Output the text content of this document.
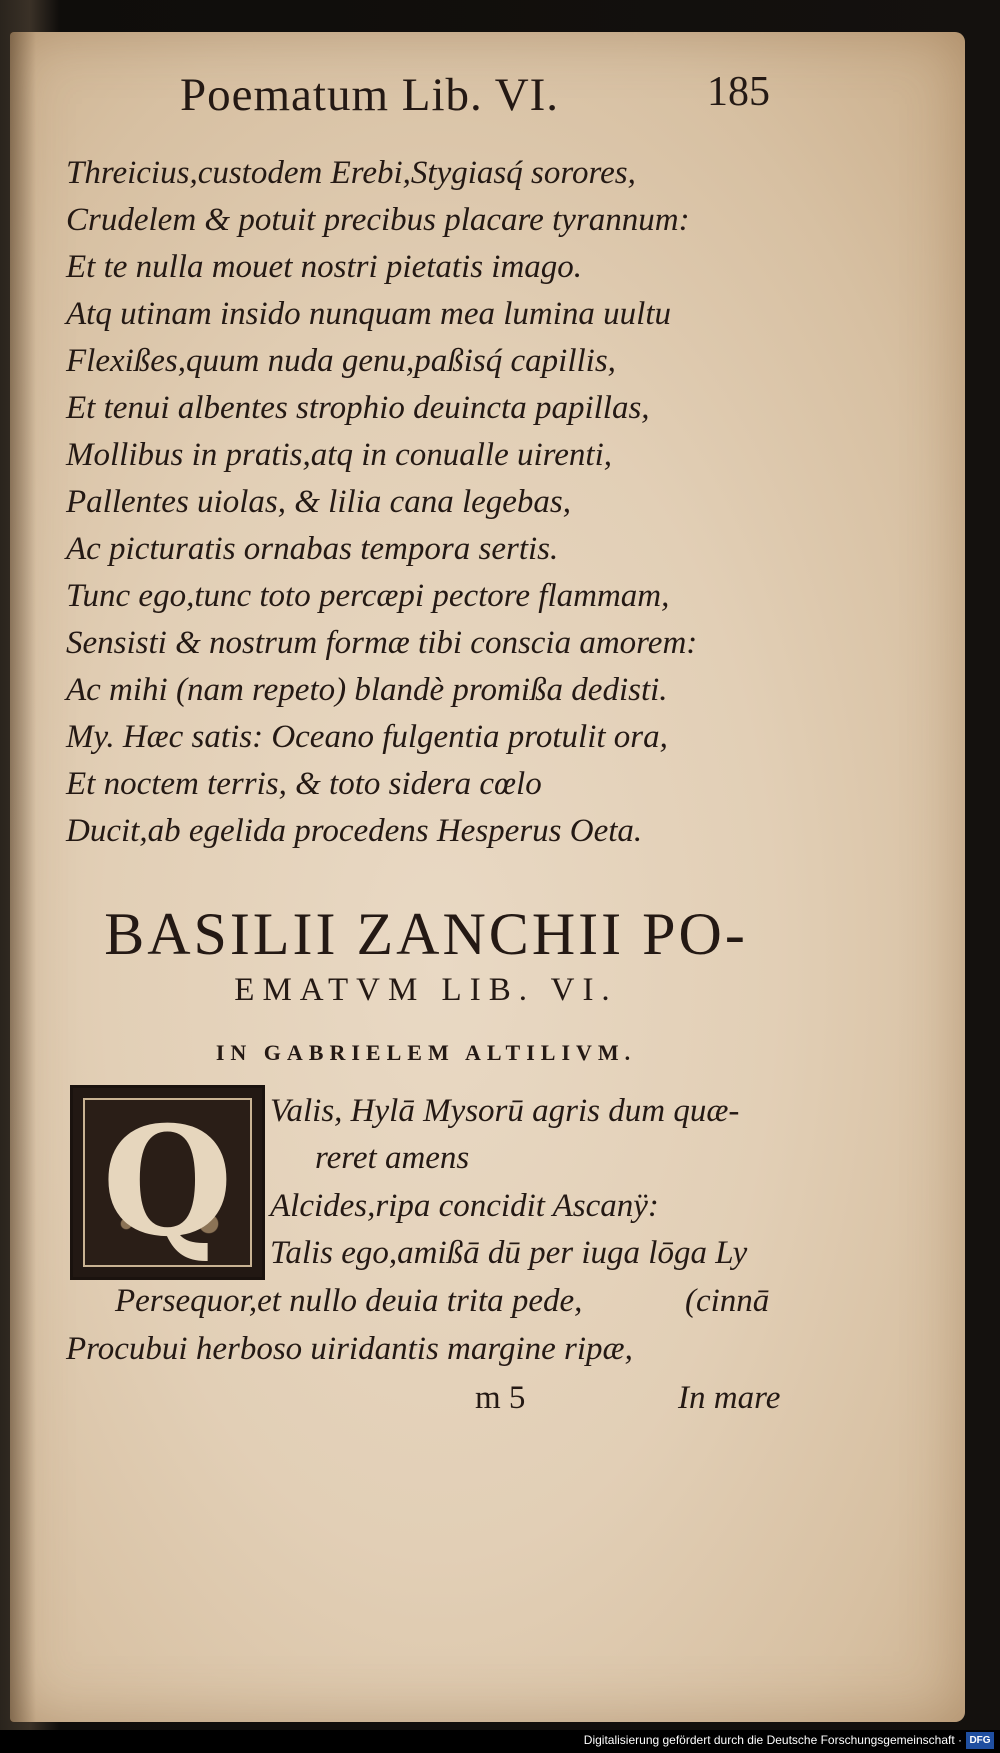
Poematum Lib. VI.	185
Threicius,custodem Erebi,Stygiasq́ sorores,
Crudelem & potuit precibus placare tyrannum:
Et te nulla mouet nostri pietatis imago.
Atq utinam insido nunquam mea lumina uultu
Flexißes,quum nuda genu,paßisq́ capillis,
Et tenui albentes strophio deuincta papillas,
Mollibus in pratis,atq in conualle uirenti,
Pallentes uiolas, & lilia cana legebas,
Ac picturatis ornabas tempora sertis.
Tunc ego,tunc toto percæpi pectore flammam,
Sensisti & nostrum formæ tibi conscia amorem:
Ac mihi (nam repeto) blandè promißa dedisti.
My. Hæc satis: Oceano fulgentia protulit ora,
Et noctem terris, & toto sidera cœlo
Ducit,ab egelida procedens Hesperus Oeta.
BASILII ZANCHII PO-
EMATVM LIB. VI.
IN GABRIELEM ALTILIVM.
Q	Valis, Hylā Mysorū agris dum quæ-
reret amens
Alcides,ripa concidit Ascanÿ:
Talis ego,amißā dū per iuga lōga Ly
Persequor,et nullo deuia trita pede,	(cinnā
Procubui herboso uiridantis margine ripæ,
m 5	In mare
Digitalisierung gefördert durch die Deutsche Forschungsgemeinschaft · DFG
